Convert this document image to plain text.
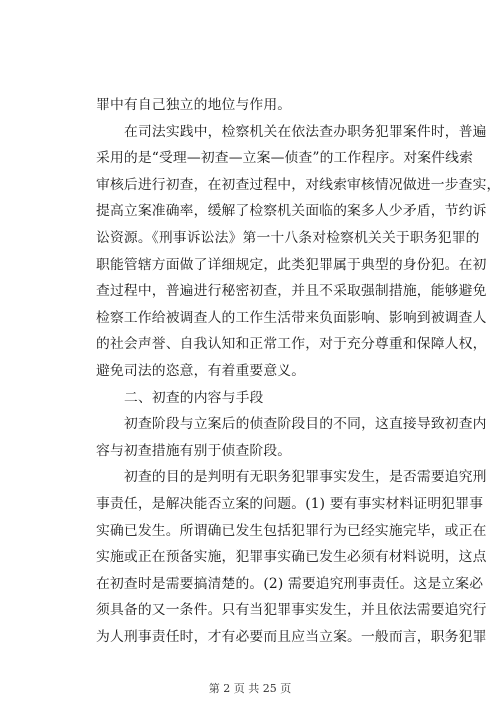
罪中有自己独立的地位与作用。
在司法实践中，检察机关在依法查办职务犯罪案件时，普遍
采用的是“受理—初查—立案—侦查”的工作程序。对案件线索
审核后进行初查，在初查过程中，对线索审核情况做进一步查实，
提高立案准确率，缓解了检察机关面临的案多人少矛盾，节约诉
讼资源。《刑事诉讼法》第一十八条对检察机关关于职务犯罪的
职能管辖方面做了详细规定，此类犯罪属于典型的身份犯。在初
查过程中，普遍进行秘密初查，并且不采取强制措施，能够避免
检察工作给被调查人的工作生活带来负面影响、影响到被调查人
的社会声誉、自我认知和正常工作，对于充分尊重和保障人权，
避免司法的恣意，有着重要意义。
二、初查的内容与手段
初查阶段与立案后的侦查阶段目的不同，这直接导致初查内
容与初查措施有别于侦查阶段。
初查的目的是判明有无职务犯罪事实发生，是否需要追究刑
事责任，是解决能否立案的问题。(1) 要有事实材料证明犯罪事
实确已发生。所谓确已发生包括犯罪行为已经实施完毕，或正在
实施或正在预备实施，犯罪事实确已发生必须有材料说明，这点
在初查时是需要搞清楚的。(2) 需要追究刑事责任。这是立案必
须具备的又一条件。只有当犯罪事实发生，并且依法需要追究行
为人刑事责任时，才有必要而且应当立案。一般而言，职务犯罪
第 2 页 共 25 页
